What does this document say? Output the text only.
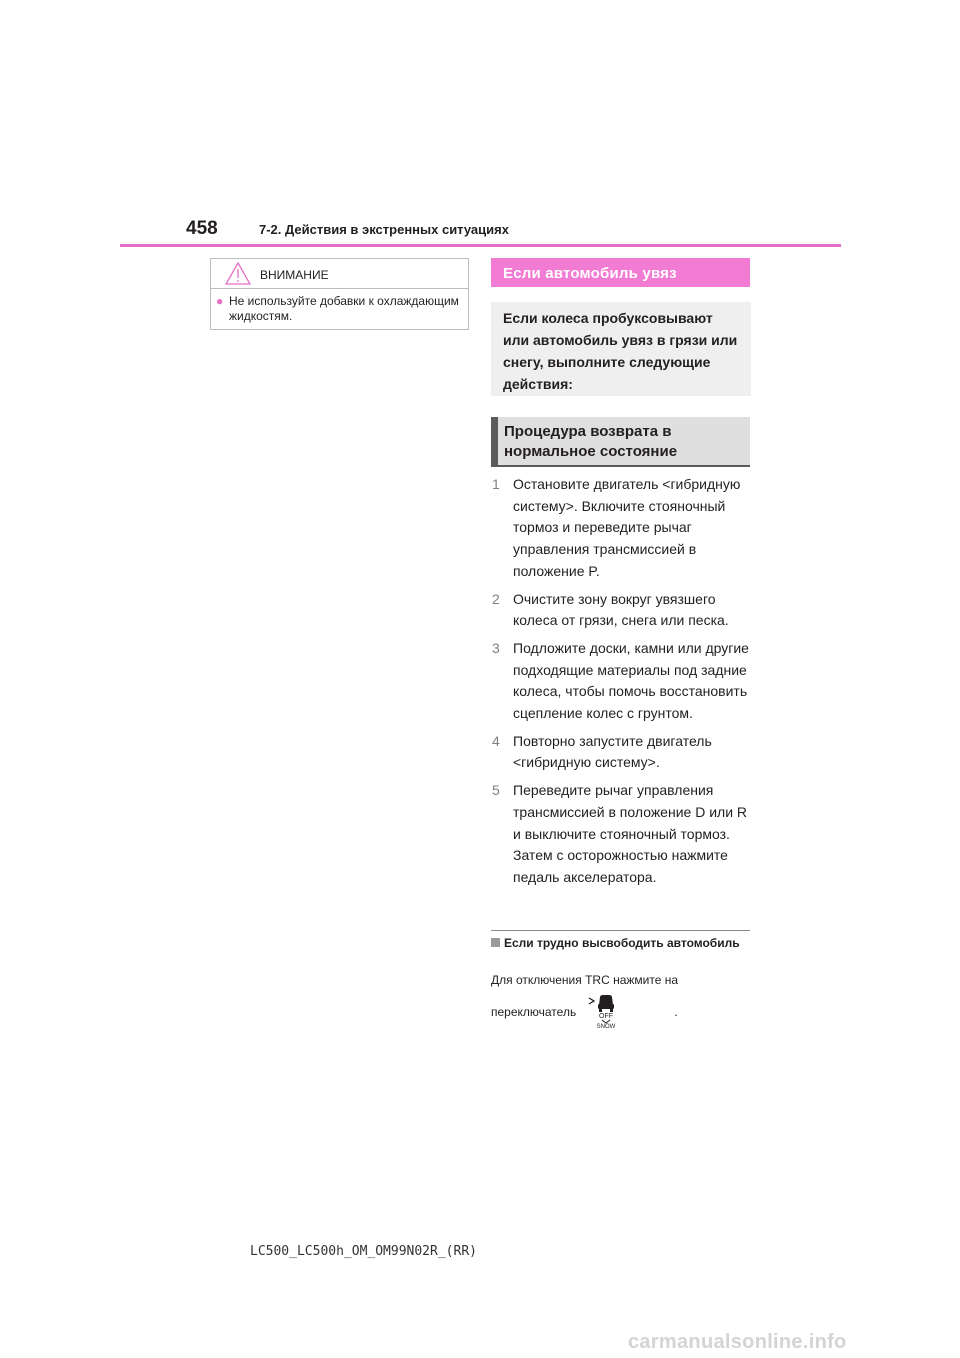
458	7-2. Действия в экстренных ситуациях
ВНИМАНИЕ
● Не используйте добавки к охлаждающим жидкостям.
Если автомобиль увяз
Если колеса пробуксовывают или автомобиль увяз в грязи или снегу, выполните следующие действия:
Процедура возврата в нормальное состояние
1 Остановите двигатель <гибридную систему>. Включите стояночный тормоз и переведите рычаг управления трансмиссией в положение P.
2 Очистите зону вокруг увязшего колеса от грязи, снега или песка.
3 Подложите доски, камни или другие подходящие материалы под задние колеса, чтобы помочь восстановить сцепление колес с грунтом.
4 Повторно запустите двигатель <гибридную систему>.
5 Переведите рычаг управления трансмиссией в положение D или R и выключите стояночный тормоз. Затем с осторожностью нажмите педаль акселератора.
Если трудно высвободить автомобиль
Для отключения TRC нажмите на
переключатель	.
OFF
SNOW
LC500_LC500h_OM_OM99N02R_(RR)
carmanualsonline.info
